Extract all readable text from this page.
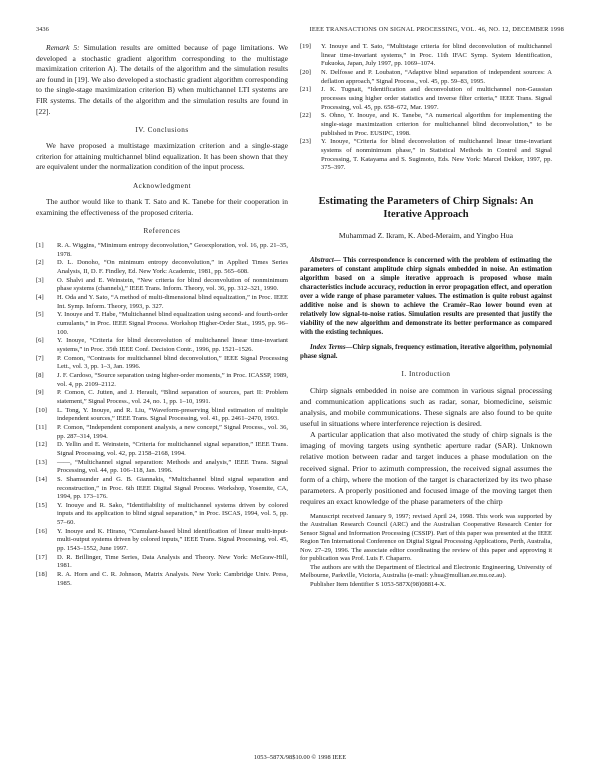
3436	IEEE TRANSACTIONS ON SIGNAL PROCESSING, VOL. 46, NO. 12, DECEMBER 1998

Remark 5: Simulation results are omitted because of page limitations. We developed a stochastic gradient algorithm corresponding to the multistage maximization criterion A). The details of the algorithm and the simulation results are found in [19]. We also developed a stochastic gradient algorithm corresponding to the single-stage maximization criterion B) when multichannel LTI systems are FIR systems. The details of the algorithm and the simulation results are found in [22].

IV. Conclusions

We have proposed a multistage maximization criterion and a single-stage criterion for attaining multichannel blind equalization. It has been shown that they are equivalent under the normalization condition of the input process.

Acknowledgment

The author would like to thank T. Sato and K. Tanebe for their cooperation in examining the effectiveness of the proposed criteria.

References
[1] R. A. Wiggins, “Minimum entropy deconvolution,” Geoexploration, vol. 16, pp. 21–35, 1978.
[2] D. L. Donoho, “On minimum entropy deconvolution,” in Applied Times Series Analysis, II, D. F. Findley, Ed. New York: Academic, 1981, pp. 565–608.
[3] O. Shalvi and E. Weinstein, “New criteria for blind deconvolution of nonminimum phase systems (channels),” IEEE Trans. Inform. Theory, vol. 36, pp. 312–321, 1990.
[4] H. Oda and Y. Sato, “A method of multi-dimensional blind equalization,” in Proc. IEEE Int. Symp. Inform. Theory, 1993, p. 327.
[5] Y. Inouye and T. Habe, “Multichannel blind equalization using second- and fourth-order cumulants,” in Proc. IEEE Signal Process. Workshop Higher-Order Stat., 1995, pp. 96–100.
[6] Y. Inouye, “Criteria for blind deconvolution of multichannel linear time-invariant systems,” in Proc. 35th IEEE Conf. Decision Contr., 1996, pp. 1521–1526.
[7] P. Comon, “Contrasts for multichannel blind deconvolution,” IEEE Signal Processing Lett., vol. 3, pp. 1–3, Jan. 1996.
[8] J. F. Cardoso, “Source separation using higher-order moments,” in Proc. ICASSP, 1989, vol. 4, pp. 2109–2112.
[9] P. Comon, C. Jutten, and J. Herault, “Blind separation of sources, part II: Problem statement,” Signal Process., vol. 24, no. 1, pp. 1–10, 1991.
[10] L. Tong, Y. Inouye, and R. Liu, “Waveform-preserving blind estimation of multiple independent sources,” IEEE Trans. Signal Processing, vol. 41, pp. 2461–2470, 1993.
[11] P. Comon, “Independent component analysis, a new concept,” Signal Process., vol. 36, pp. 287–314, 1994.
[12] D. Yellin and E. Weinstein, “Criteria for multichannel signal separation,” IEEE Trans. Signal Processing, vol. 42, pp. 2158–2168, 1994.
[13] ——, “Multichannel signal separation: Methods and analysis,” IEEE Trans. Signal Processing, vol. 44, pp. 106–118, Jan. 1996.
[14] S. Shamsunder and G. B. Giannakis, “Multichannel blind signal separation and reconstruction,” in Proc. 6th IEEE Digital Signal Process. Workshop, Yosemite, CA, 1994, pp. 173–176.
[15] Y. Inouye and R. Sako, “Identifiability of multichannel systems driven by colored inputs and its application to blind signal separation,” in Proc. ISCAS, 1994, vol. 5, pp. 57–60.
[16] Y. Inouye and K. Hirano, “Cumulant-based blind identification of linear multi-input-multi-output systems driven by colored inputs,” IEEE Trans. Signal Processing, vol. 45, pp. 1543–1552, June 1997.
[17] D. R. Brillinger, Time Series, Data Analysis and Theory. New York: McGraw-Hill, 1981.
[18] R. A. Horn and C. R. Johnson, Matrix Analysis. New York: Cambridge Univ. Press, 1985.
[19] Y. Inouye and T. Sato, “Multistage criteria for blind deconvolution of multichannel linear time-invariant systems,” in Proc. 11th IFAC Symp. System Identification, Fukuoka, Japan, July 1997, pp. 1069–1074.
[20] N. Delfosse and P. Loubaton, “Adaptive blind separation of independent sources: A deflation approach,” Signal Process., vol. 45, pp. 59–83, 1995.
[21] J. K. Tugnait, “Identification and deconvolution of multichannel non-Gaussian processes using higher order statistics and inverse filter criteria,” IEEE Trans. Signal Processing, vol. 45, pp. 658–672, Mar. 1997.
[22] S. Ohno, Y. Inouye, and K. Tanebe, “A numerical algorithm for implementing the single-stage maximization criterion for multichannel blind deconvolution,” to be published in Proc. EUSIPC, 1998.
[23] Y. Inouye, “Criteria for blind deconvolution of multichannel linear time-invariant systems of nonminimum phase,” in Statistical Methods in Control and Signal Processing, T. Katayama and S. Sugimoto, Eds. New York: Marcel Dekker, 1997, pp. 375–397.
Estimating the Parameters of Chirp Signals: An Iterative Approach
Muhammad Z. Ikram, K. Abed-Meraim, and Yingbo Hua
Abstract— This correspondence is concerned with the problem of estimating the parameters of constant amplitude chirp signals embedded in noise. An estimation algorithm based on a simple iterative approach is proposed whose main characteristics include accuracy, reduction in error propagation effect, and operation over a wide range of phase parameter values. The estimation is quite robust against additive noise and is shown to achieve the Cramér–Rao lower bound even at relatively low signal-to-noise ratios. Simulation results are presented that justify the viability of the new algorithm and demonstrate its better performance as compared with the existing techniques.
Index Terms—Chirp signals, frequency estimation, iterative algorithm, polynomial phase signal.
I. Introduction

Chirp signals embedded in noise are common in various signal processing and communication applications such as radar, sonar, biomedicine, seismic analysis, and mobile communications. These signals are also found to be quite useful in situations where interference rejection is desired.

A particular application that also motivated the study of chirp signals is the imaging of moving targets using synthetic aperture radar (SAR). Unknown relative motion between radar and target induces a phase modulation on the received signal. Prior to azimuth compression, the received signal assumes the form of a chirp, where the motion of the target is characterized by its two phase parameters. A properly positioned and focused image of the moving target then requires an exact knowledge of the phase parameters of the chirp

Manuscript received January 9, 1997; revised April 24, 1998. This work was supported by the Australian Research Council (ARC) and the Australian Cooperative Research Center for Sensor Signal and Information Processing (CSSIP). Part of this paper was presented at the IEEE Region Ten International Conference on Digital Signal Processing Applications, Perth, Australia, Nov. 27–29, 1996. The associate editor coordinating the review of this paper and approving it for publication was Prof. Luis F. Chaparro.

The authors are with the Department of Electrical and Electronic Engineering, University of Melbourne, Parkville, Victoria, Australia (e-mail: y.hua@mullian.ee.mu.oz.au).

Publisher Item Identifier S 1053-587X(98)08814-X.

1053–587X/98$10.00 © 1998 IEEE
